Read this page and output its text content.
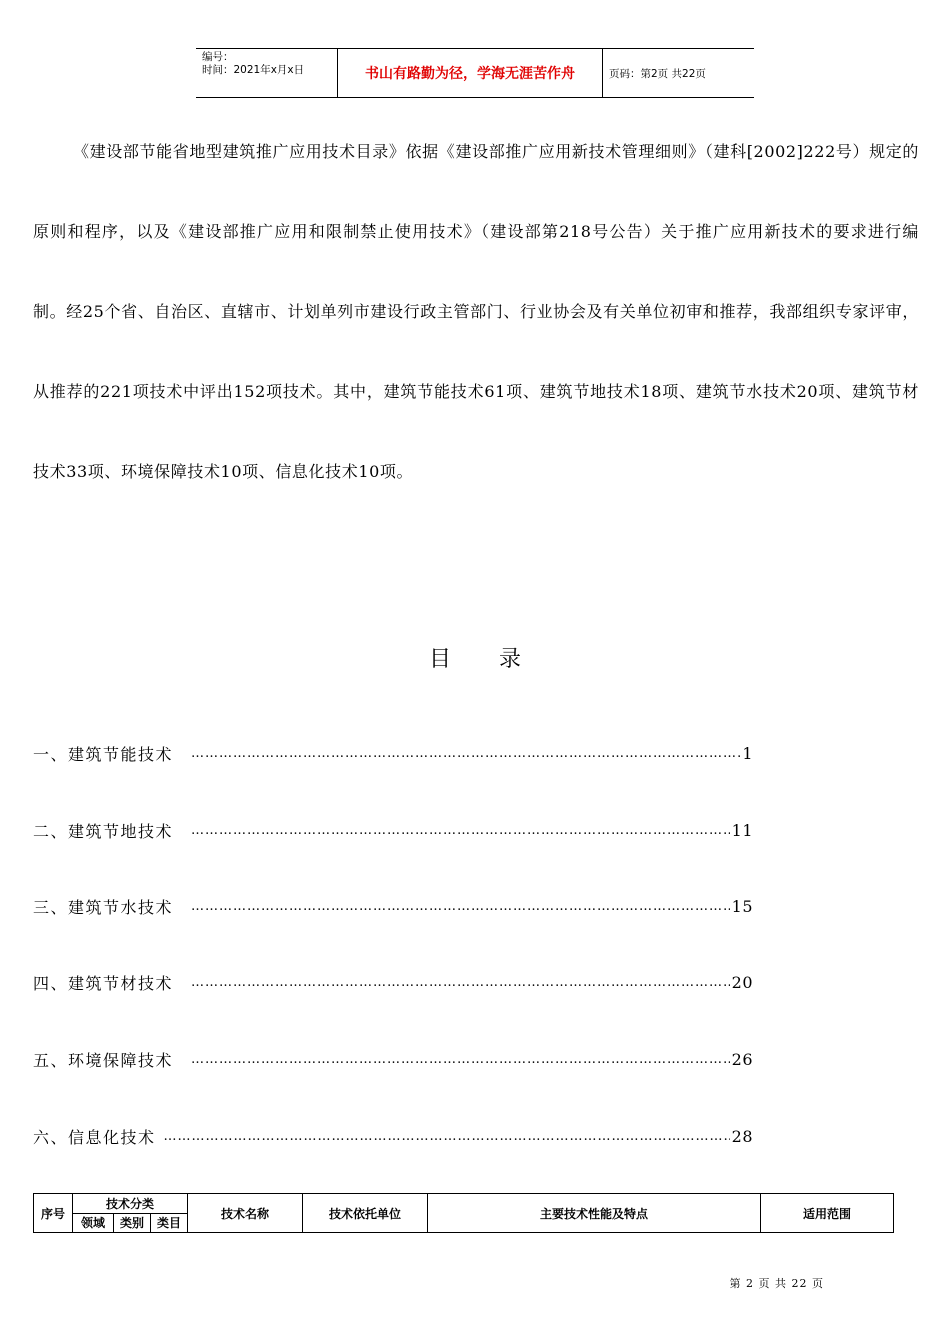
编号：
时间：2021年x月x日	书山有路勤为径，学海无涯苦作舟	页码：第2页 共22页

《建设部节能省地型建筑推广应用技术目录》依据《建设部推广应用新技术管理细则》（建科[2002]222号）规定的原则和程序，以及《建设部推广应用和限制禁止使用技术》（建设部第218号公告）关于推广应用新技术的要求进行编制。经25个省、自治区、直辖市、计划单列市建设行政主管部门、行业协会及有关单位初审和推荐，我部组织专家评审，从推荐的221项技术中评出152项技术。其中，建筑节能技术61项、建筑节地技术18项、建筑节水技术20项、建筑节材技术33项、环境保障技术10项、信息化技术10项。

目录
一、建筑节能技术 …………………………………………………………………………………………………………………………………………………………	1
二、建筑节地技术 …………………………………………………………………………………………………………………………………………………………	11
三、建筑节水技术 …………………………………………………………………………………………………………………………………………………………	15
四、建筑节材技术 …………………………………………………………………………………………………………………………………………………………	20
五、环境保障技术 …………………………………………………………………………………………………………………………………………………………	26
六、信息化技术 …………………………………………………………………………………………………………………………………………………………	28
序号	技术分类			技术名称	技术依托单位	主要技术性能及特点	适用范围
	领域	类别	类目				
第 2 页 共 22 页
